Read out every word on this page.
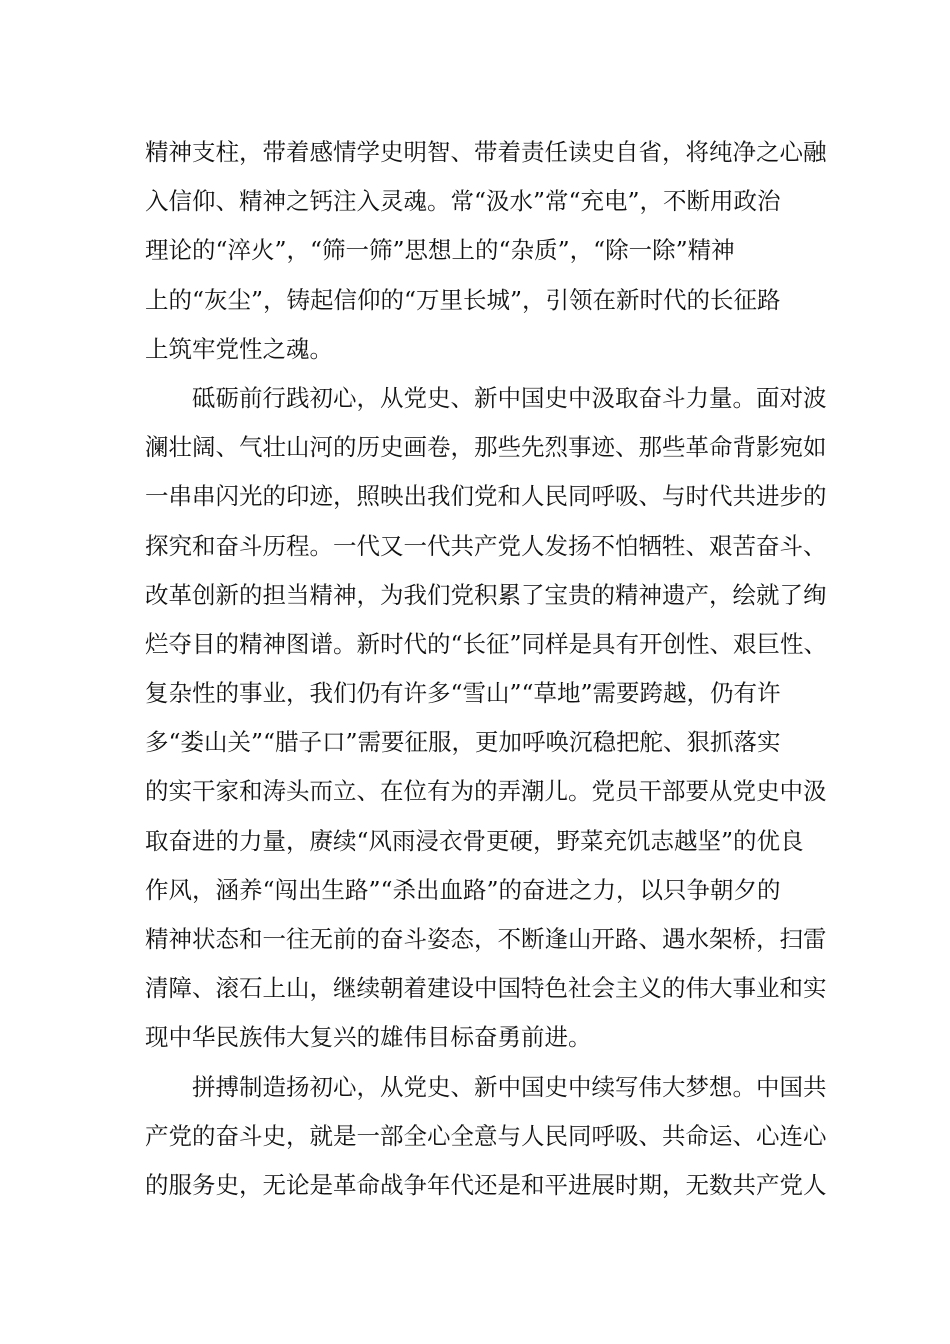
精神支柱，带着感情学史明智、带着责任读史自省，将纯净之心融
入信仰、精神之钙注入灵魂。常“汲水”常“充电”，不断用政治
理论的“淬火”，“筛一筛”思想上的“杂质”，“除一除”精神
上的“灰尘”，铸起信仰的“万里长城”，引领在新时代的长征路
上筑牢党性之魂。
砥砺前行践初心，从党史、新中国史中汲取奋斗力量。面对波
澜壮阔、气壮山河的历史画卷，那些先烈事迹、那些革命背影宛如
一串串闪光的印迹，照映出我们党和人民同呼吸、与时代共进步的
探究和奋斗历程。一代又一代共产党人发扬不怕牺牲、艰苦奋斗、
改革创新的担当精神，为我们党积累了宝贵的精神遗产，绘就了绚
烂夺目的精神图谱。新时代的“长征”同样是具有开创性、艰巨性、
复杂性的事业，我们仍有许多“雪山”“草地”需要跨越，仍有许
多“娄山关”“腊子口”需要征服，更加呼唤沉稳把舵、狠抓落实
的实干家和涛头而立、在位有为的弄潮儿。党员干部要从党史中汲
取奋进的力量，赓续“风雨浸衣骨更硬，野菜充饥志越坚”的优良
作风，涵养“闯出生路”“杀出血路”的奋进之力，以只争朝夕的
精神状态和一往无前的奋斗姿态，不断逢山开路、遇水架桥，扫雷
清障、滚石上山，继续朝着建设中国特色社会主义的伟大事业和实
现中华民族伟大复兴的雄伟目标奋勇前进。
拼搏制造扬初心，从党史、新中国史中续写伟大梦想。中国共
产党的奋斗史，就是一部全心全意与人民同呼吸、共命运、心连心
的服务史，无论是革命战争年代还是和平进展时期，无数共产党人
